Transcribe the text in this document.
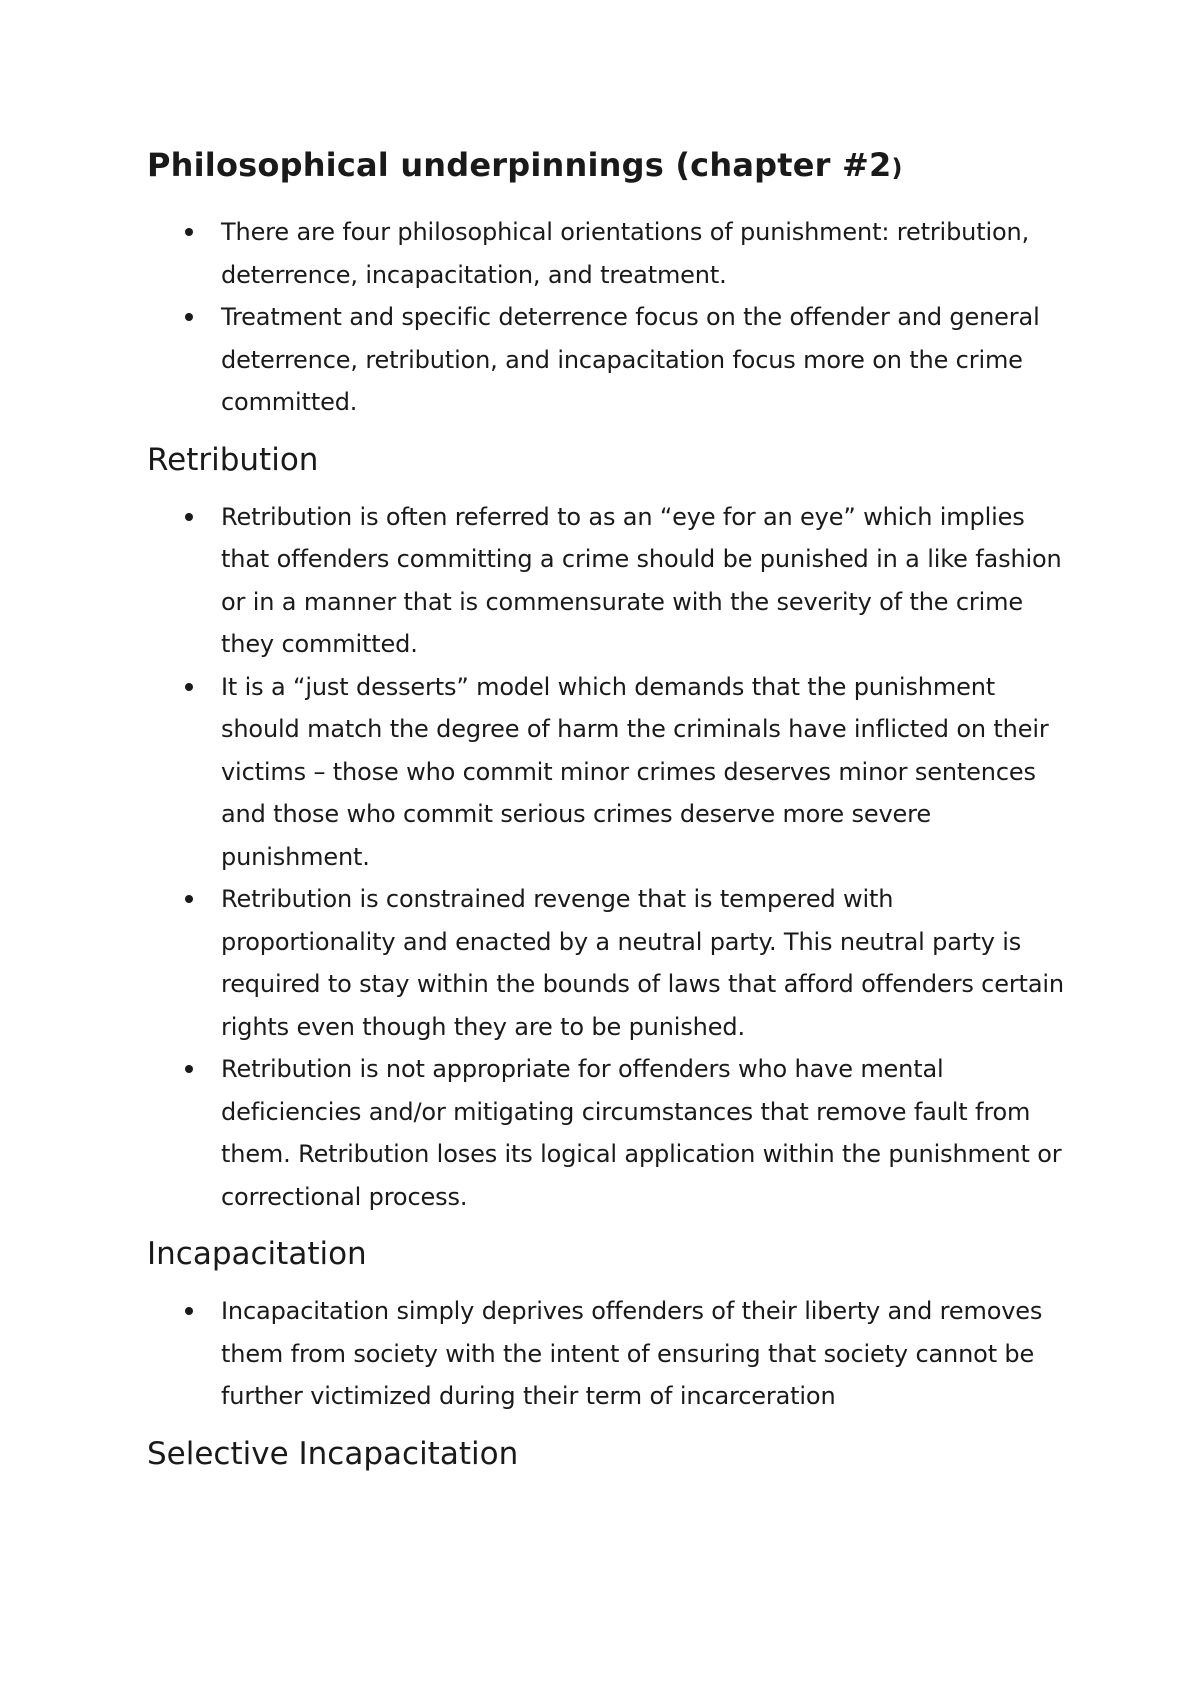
Philosophical underpinnings (chapter #2)
There are four philosophical orientations of punishment: retribution, deterrence, incapacitation, and treatment.
Treatment and specific deterrence focus on the offender and general deterrence, retribution, and incapacitation focus more on the crime committed.
Retribution
Retribution is often referred to as an “eye for an eye” which implies that offenders committing a crime should be punished in a like fashion or in a manner that is commensurate with the severity of the crime they committed.
It is a “just desserts” model which demands that the punishment should match the degree of harm the criminals have inflicted on their victims – those who commit minor crimes deserves minor sentences and those who commit serious crimes deserve more severe punishment.
Retribution is constrained revenge that is tempered with proportionality and enacted by a neutral party. This neutral party is required to stay within the bounds of laws that afford offenders certain rights even though they are to be punished.
Retribution is not appropriate for offenders who have mental deficiencies and/or mitigating circumstances that remove fault from them. Retribution loses its logical application within the punishment or correctional process.
Incapacitation
Incapacitation simply deprives offenders of their liberty and removes them from society with the intent of ensuring that society cannot be further victimized during their term of incarceration
Selective Incapacitation
